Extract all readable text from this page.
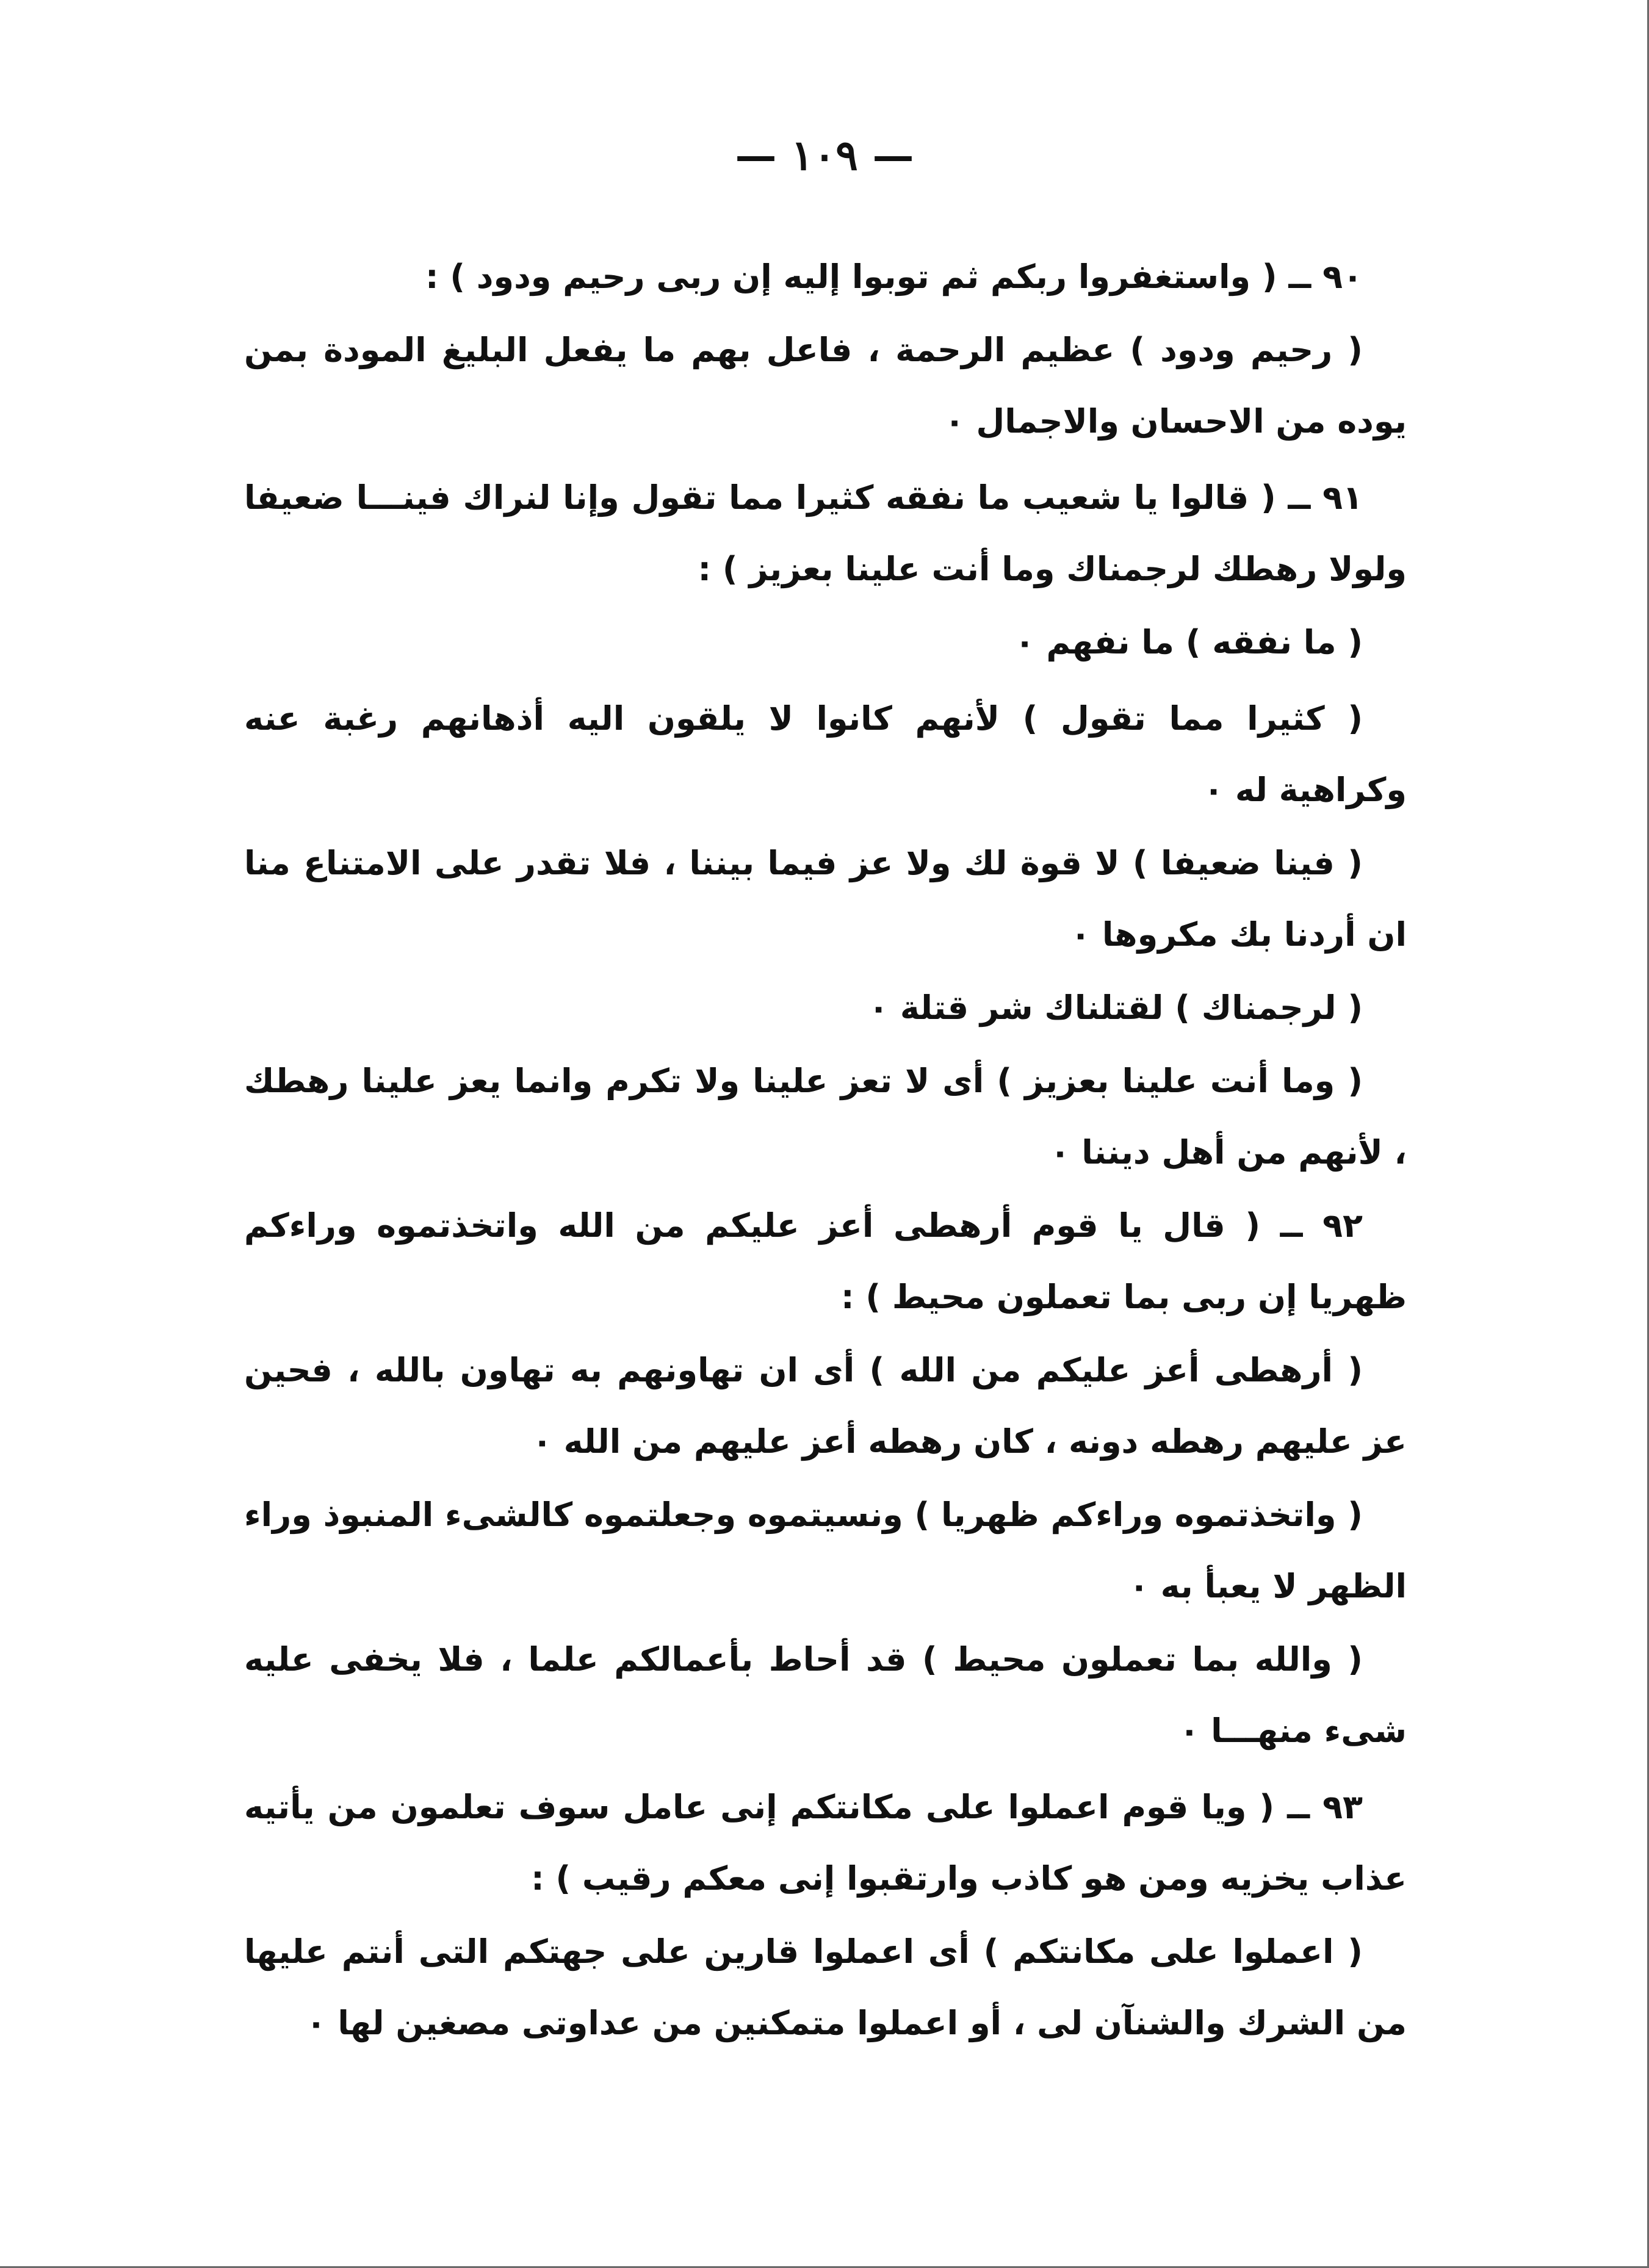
— ١٠٩ —

٩٠ ــ ( واستغفروا ربكم ثم توبوا إليه إن ربى رحيم ودود ) :

( رحيم ودود ) عظيم الرحمة ، فاعل بهم ما يفعل البليغ المودة بمن يوده من الاحسان والاجمال ٠

٩١ ــ ( قالوا يا شعيب ما نفقه كثيرا مما تقول وإنا لنراك فينـــا ضعيفا ولولا رهطك لرجمناك وما أنت علينا بعزيز ) :

( ما نفقه ) ما نفهم ٠

( كثيرا مما تقول ) لأنهم كانوا لا يلقون اليه أذهانهم رغبة عنه وكراهية له ٠

( فينا ضعيفا ) لا قوة لك ولا عز فيما بيننا ، فلا تقدر على الامتناع منا ان أردنا بك مكروها ٠

( لرجمناك ) لقتلناك شر قتلة ٠

( وما أنت علينا بعزيز ) أى لا تعز علينا ولا تكرم وانما يعز علينا رهطك ، لأنهم من أهل ديننا ٠

٩٢ ــ ( قال يا قوم أرهطى أعز عليكم من الله واتخذتموه وراءكم ظهريا إن ربى بما تعملون محيط ) :

( أرهطى أعز عليكم من الله ) أى ان تهاونهم به تهاون بالله ، فحين عز عليهم رهطه دونه ، كان رهطه أعز عليهم من الله ٠

( واتخذتموه وراءكم ظهريا ) ونسيتموه وجعلتموه كالشىء المنبوذ وراء الظهر لا يعبأ به ٠

( والله بما تعملون محيط ) قد أحاط بأعمالكم علما ، فلا يخفى عليه شىء منهـــا ٠

٩٣ ــ ( ويا قوم اعملوا على مكانتكم إنى عامل سوف تعلمون من يأتيه عذاب يخزيه ومن هو كاذب وارتقبوا إنى معكم رقيب ) :

( اعملوا على مكانتكم ) أى اعملوا قارين على جهتكم التى أنتم عليها من الشرك والشنآن لى ، أو اعملوا متمكنين من عداوتى مصغين لها ٠
